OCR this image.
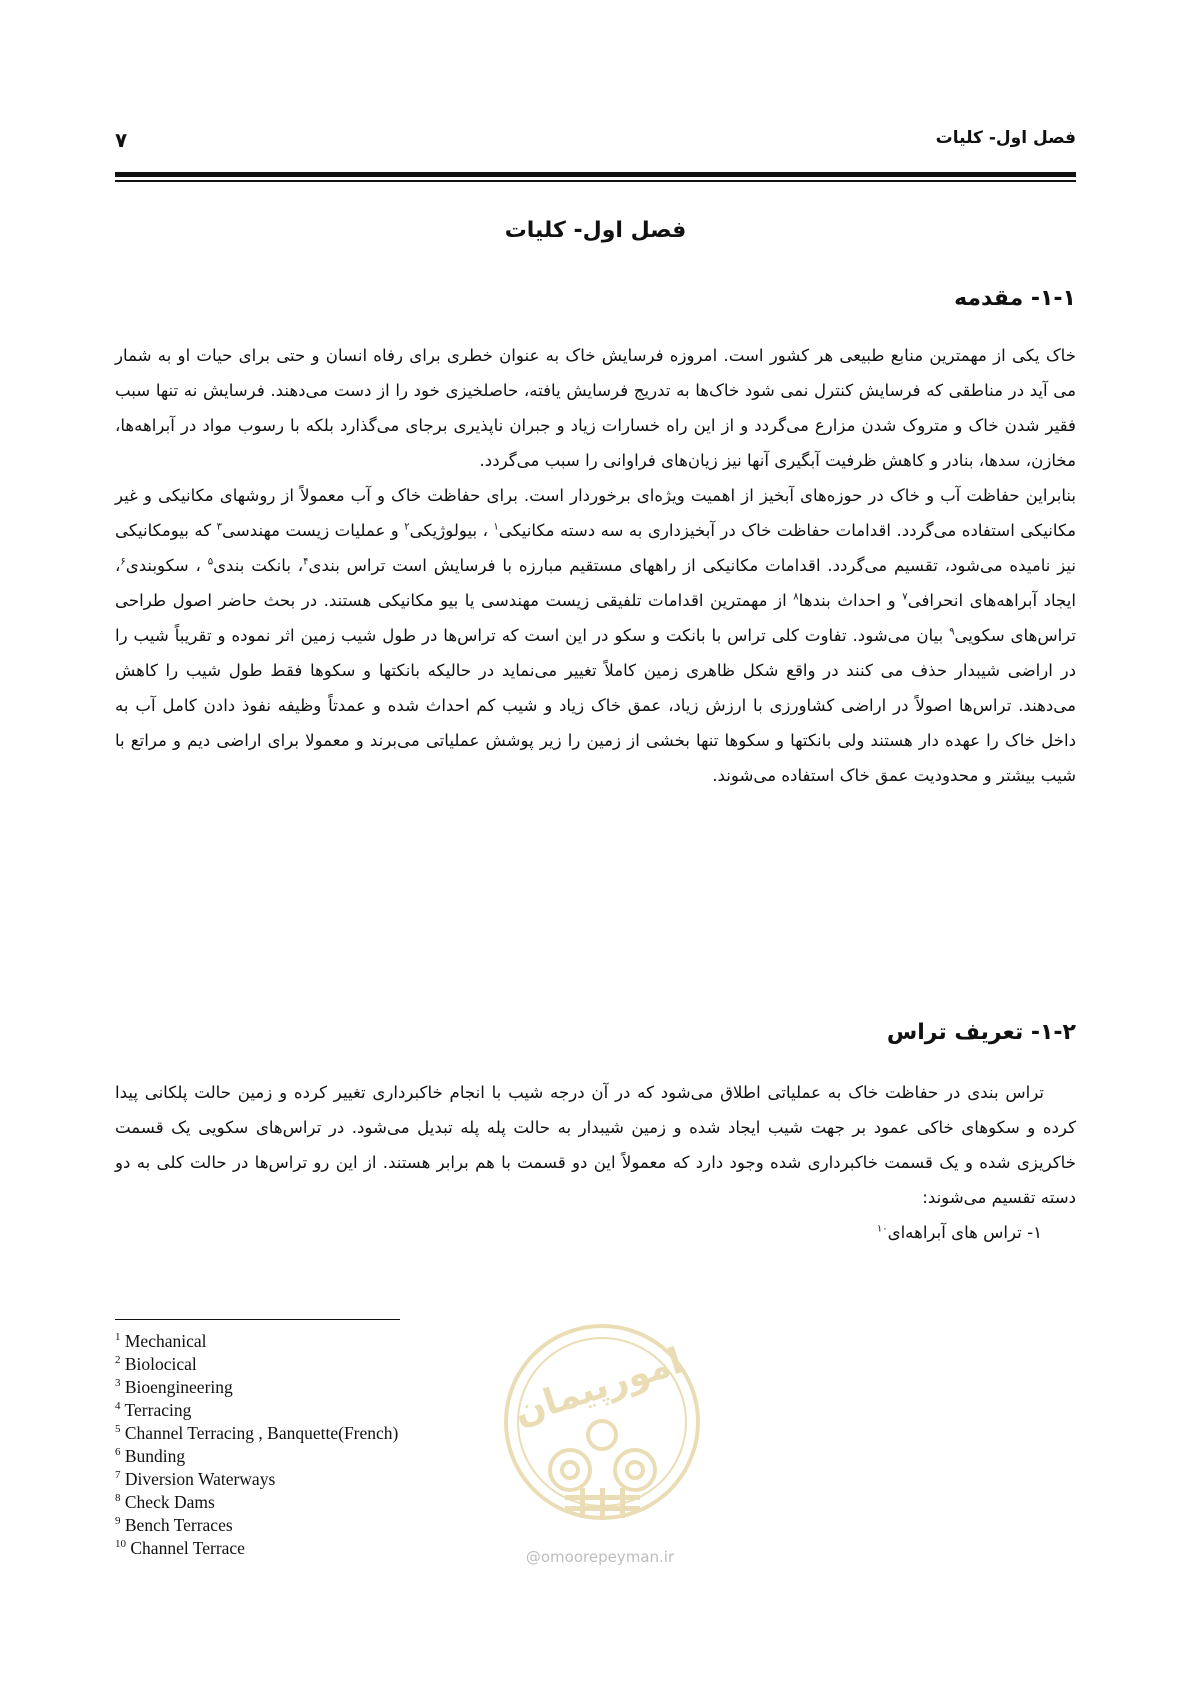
فصل اول- کلیات
۷
فصل اول- کلیات
۱-۱- مقدمه

خاک یکی از مهمترین منابع طبیعی هر کشور است. امروزه فرسایش خاک به عنوان خطری برای رفاه انسان و حتی برای حیات او به شمار می آید در مناطقی که فرسایش کنترل نمی شود خاک‌ها به تدریج فرسایش یافته، حاصلخیزی خود را از دست می‌دهند. فرسایش نه تنها سبب فقیر شدن خاک و متروک شدن مزارع می‌گردد و از این راه خسارات زیاد و جبران ناپذیری برجای می‌گذارد بلکه با رسوب مواد در آبراهه‌ها، مخازن، سدها، بنادر و کاهش ظرفیت آبگیری آنها نیز زیان‌های فراوانی را سبب می‌گردد.

بنابراین حفاظت آب و خاک در حوزه‌های آبخیز از اهمیت ویژه‌ای برخوردار است. برای حفاظت خاک و آب معمولاً از روشهای مکانیکی و غیر مکانیکی استفاده می‌گردد. اقدامات حفاظت خاک در آبخیزداری به سه دسته مکانیکی$^۱$ ، بیولوژیکی$^۲$ و عملیات زیست مهندسی$^۳$ که بیومکانیکی نیز نامیده می‌شود، تقسیم می‌گردد. اقدامات مکانیکی از راههای مستقیم مبارزه با فرسایش است تراس بندی$^۴$، بانکت بندی$^۵$ ، سکوبندی$^۶$، ایجاد آبراهه‌های انحرافی$^۷$ و احداث بندها$^۸$ از مهمترین اقدامات تلفیقی زیست مهندسی یا بیو مکانیکی هستند. در بحث حاضر اصول طراحی تراس‌های سکویی$^۹$ بیان می‌شود. تفاوت کلی تراس با بانکت و سکو در این است که تراس‌ها در طول شیب زمین اثر نموده و تقریباً شیب را در اراضی شیبدار حذف می کنند در واقع شکل ظاهری زمین کاملاً تغییر می‌نماید در حالیکه بانکتها و سکوها فقط طول شیب را کاهش می‌دهند. تراس‌ها اصولاً در اراضی کشاورزی با ارزش زیاد، عمق خاک زیاد و شیب کم احداث شده و عمدتاً وظیفه نفوذ دادن کامل آب به داخل خاک را عهده دار هستند ولی بانکتها و سکوها تنها بخشی از زمین را زیر پوشش عملیاتی می‌برند و معمولا برای اراضی دیم و مراتع با شیب بیشتر و محدودیت عمق خاک استفاده می‌شوند.

۱-۲- تعریف تراس

تراس بندی در حفاظت خاک به عملیاتی اطلاق می‌شود که در آن درجه شیب با انجام خاکبرداری تغییر کرده و زمین حالت پلکانی پیدا کرده و سکوهای خاکی عمود بر جهت شیب ایجاد شده و زمین شیبدار به حالت پله پله تبدیل می‌شود. در تراس‌های سکویی یک قسمت خاکریزی شده و یک قسمت خاکبرداری شده وجود دارد که معمولاً این دو قسمت با هم برابر هستند. از این رو تراس‌ها در حالت کلی به دو دسته تقسیم می‌شوند:

۱- تراس های آبراهه‌ای$^{۱۰}$

$^1$ Mechanical
$^2$ Biolocical
$^3$ Bioengineering
$^4$ Terracing
$^5$ Channel Terracing , Banquette(French)
$^6$ Bunding
$^7$ Diversion Waterways
$^8$ Check Dams
$^9$ Bench Terraces
$^{10}$ Channel Terrace
امورپیمان
@omoorepeyman.ir
